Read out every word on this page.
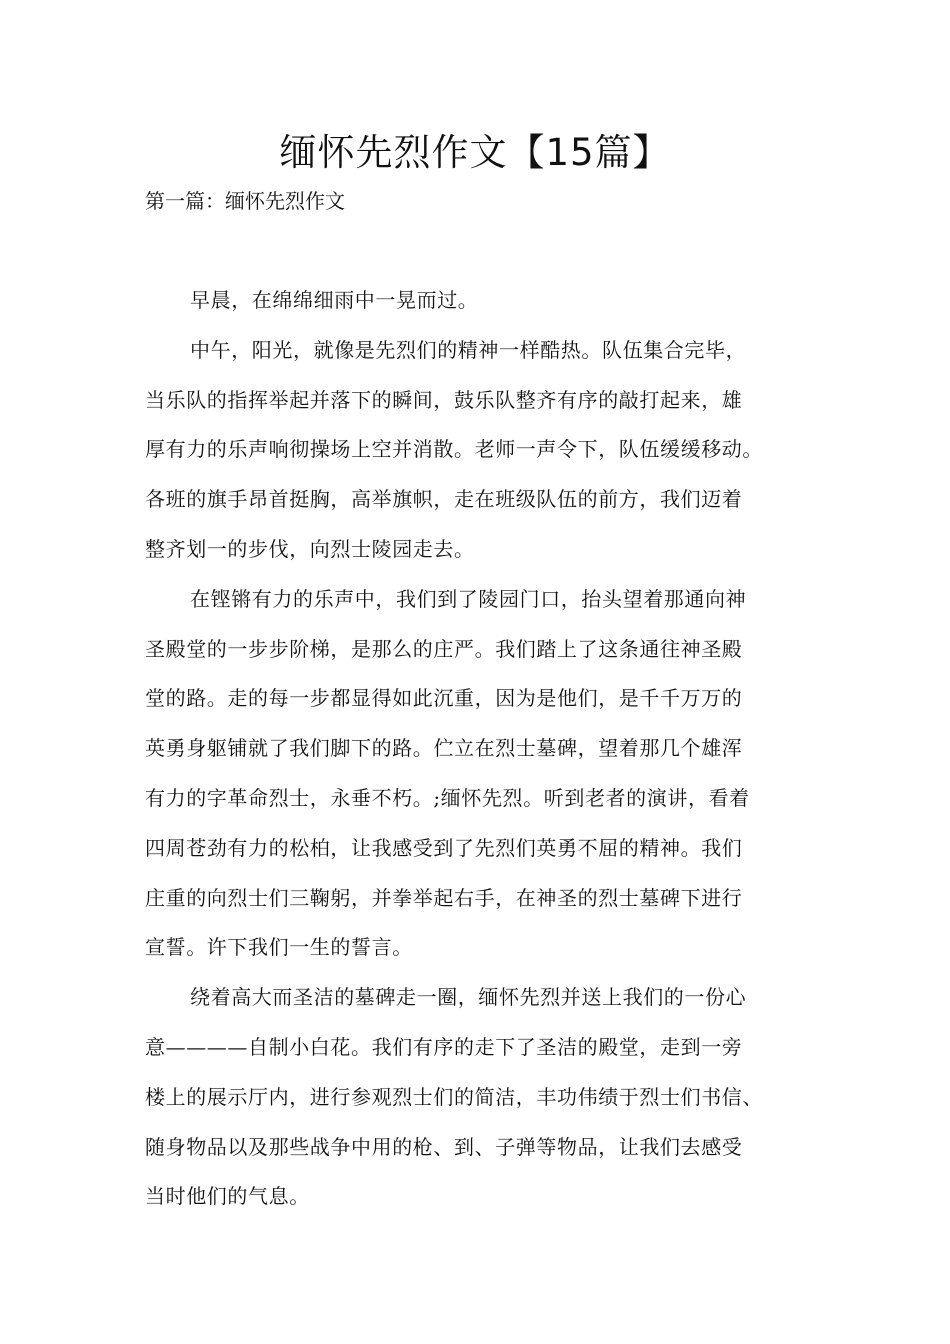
缅怀先烈作文【15篇】
第一篇：缅怀先烈作文

早晨，在绵绵细雨中一晃而过。

中午，阳光，就像是先烈们的精神一样酷热。队伍集合完毕，
当乐队的指挥举起并落下的瞬间，鼓乐队整齐有序的敲打起来，雄
厚有力的乐声响彻操场上空并消散。老师一声令下，队伍缓缓移动。
各班的旗手昂首挺胸，高举旗帜，走在班级队伍的前方，我们迈着
整齐划一的步伐，向烈士陵园走去。

在铿锵有力的乐声中，我们到了陵园门口，抬头望着那通向神
圣殿堂的一步步阶梯，是那么的庄严。我们踏上了这条通往神圣殿
堂的路。走的每一步都显得如此沉重，因为是他们，是千千万万的
英勇身躯铺就了我们脚下的路。伫立在烈士墓碑，望着那几个雄浑
有力的字革命烈士，永垂不朽。;缅怀先烈。听到老者的演讲，看着
四周苍劲有力的松柏，让我感受到了先烈们英勇不屈的精神。我们
庄重的向烈士们三鞠躬，并拳举起右手，在神圣的烈士墓碑下进行
宣誓。许下我们一生的誓言。

绕着高大而圣洁的墓碑走一圈，缅怀先烈并送上我们的一份心
意————自制小白花。我们有序的走下了圣洁的殿堂，走到一旁
楼上的展示厅内，进行参观烈士们的简洁，丰功伟绩于烈士们书信、
随身物品以及那些战争中用的枪、到、子弹等物品，让我们去感受
当时他们的气息。
